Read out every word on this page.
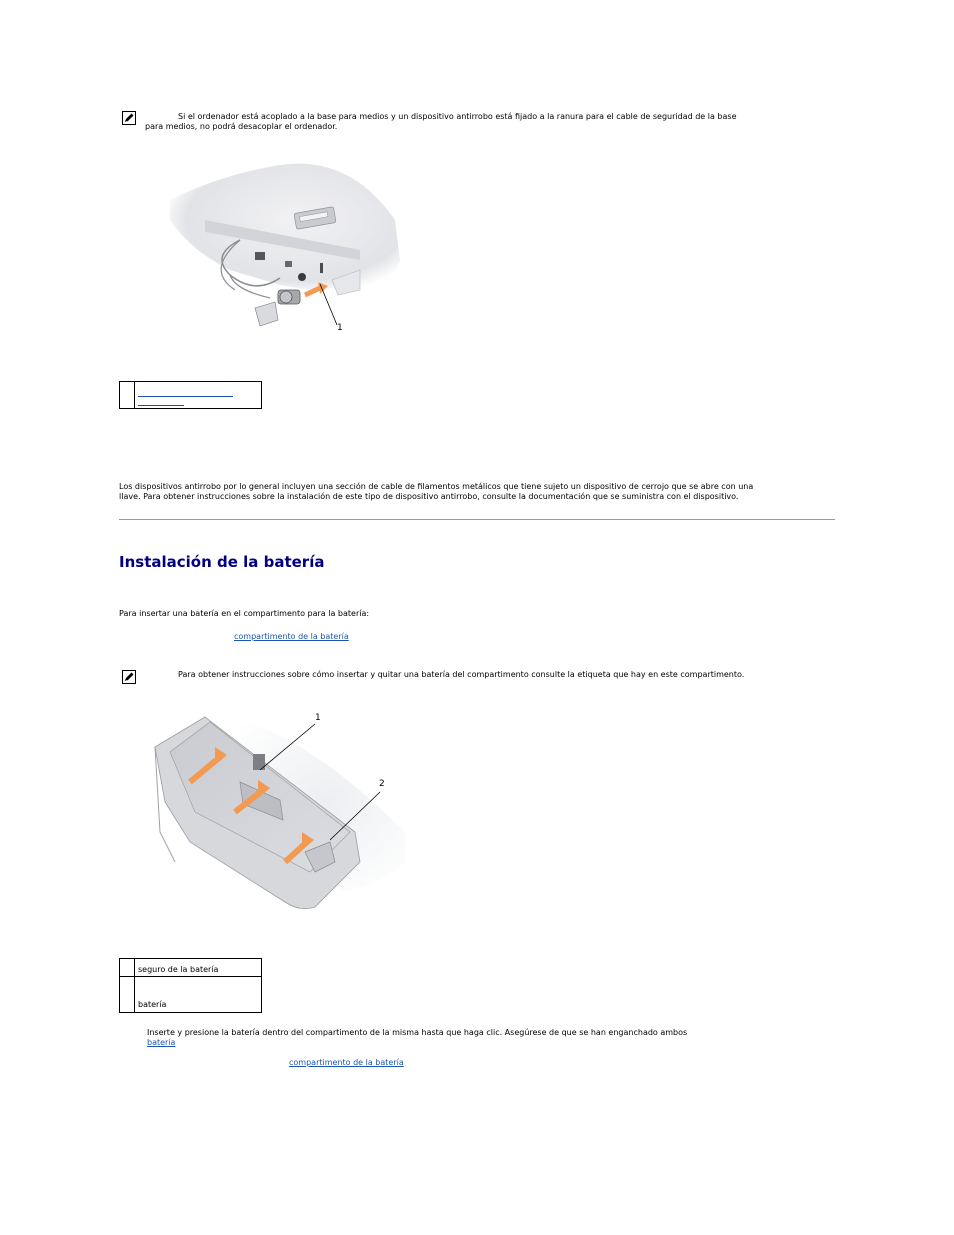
Si el ordenador está acoplado a la base para medios y un dispositivo antirrobo está fijado a la ranura para el cable de seguridad de la base
para medios, no podrá desacoplar el ordenador.
1

Los dispositivos antirrobo por lo general incluyen una sección de cable de filamentos metálicos que tiene sujeto un dispositivo de cerrojo que se abre con una
llave. Para obtener instrucciones sobre la instalación de este tipo de dispositivo antirrobo, consulte la documentación que se suministra con el dispositivo.
Instalación de la batería
Para insertar una batería en el compartimento para la batería:
compartimento de la batería
Para obtener instrucciones sobre cómo insertar y quitar una batería del compartimento consulte la etiqueta que hay en este compartimento.
1
2
	seguro de la batería
	batería
Inserte y presione la batería dentro del compartimento de la misma hasta que haga clic. Asegúrese de que se han enganchado ambos
batería
compartimento de la batería
